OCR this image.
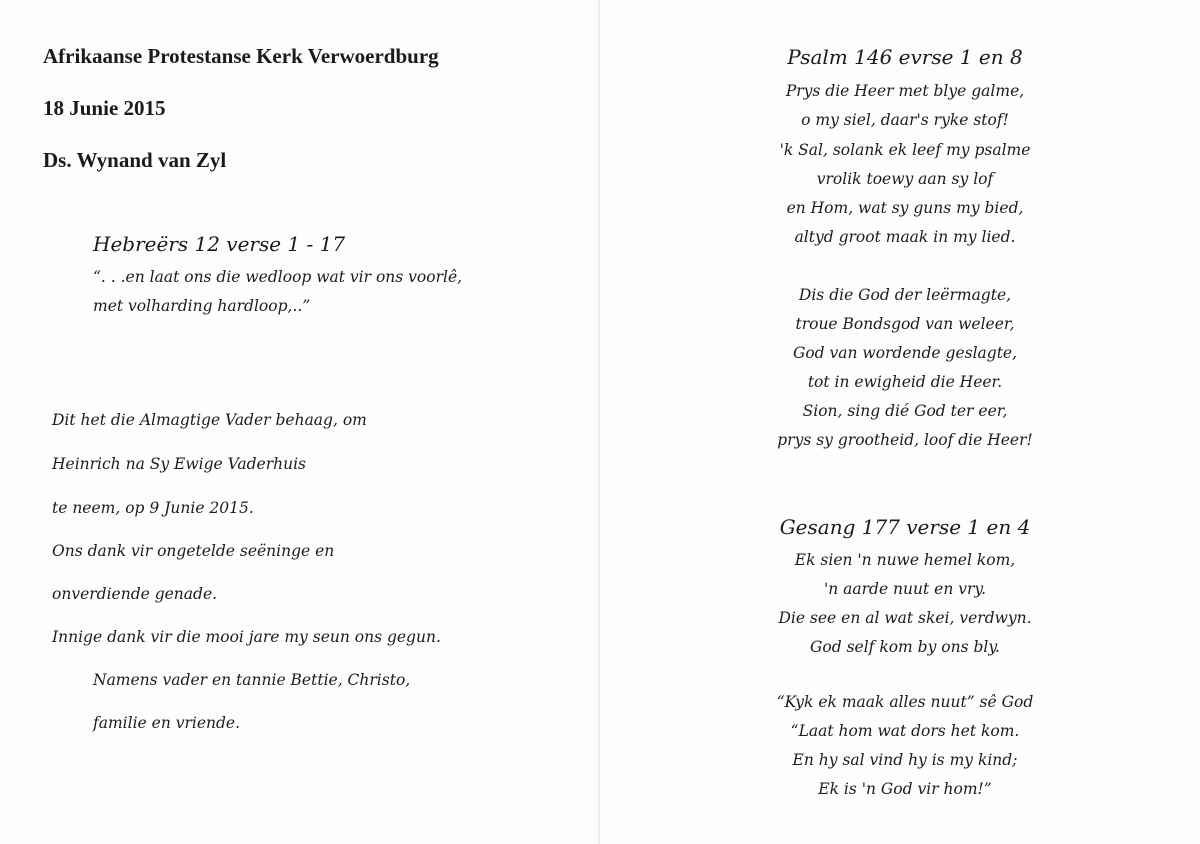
Afrikaanse Protestanse Kerk Verwoerdburg
18 Junie 2015
Ds. Wynand van Zyl
Hebreërs 12 verse 1 - 17
“. . .en laat ons die wedloop wat vir ons voorlê,
met volharding hardloop,..”
Dit het die Almagtige Vader behaag, om
Heinrich na Sy Ewige Vaderhuis
te neem, op 9 Junie 2015.
Ons dank vir ongetelde seëninge en
onverdiende genade.
Innige dank vir die mooi jare my seun ons gegun.
Namens vader en tannie Bettie, Christo,
familie en vriende.
Psalm 146 evrse 1 en 8
Prys die Heer met blye galme,
o my siel, daar's ryke stof!
'k Sal, solank ek leef my psalme
vrolik toewy aan sy lof
en Hom, wat sy guns my bied,
altyd groot maak in my lied.
Dis die God der leërmagte,
troue Bondsgod van weleer,
God van wordende geslagte,
tot in ewigheid die Heer.
Sion, sing dié God ter eer,
prys sy grootheid, loof die Heer!
Gesang 177 verse 1 en 4
Ek sien 'n nuwe hemel kom,
'n aarde nuut en vry.
Die see en al wat skei, verdwyn.
God self kom by ons bly.
“Kyk ek maak alles nuut” sê God
“Laat hom wat dors het kom.
En hy sal vind hy is my kind;
Ek is 'n God vir hom!”
